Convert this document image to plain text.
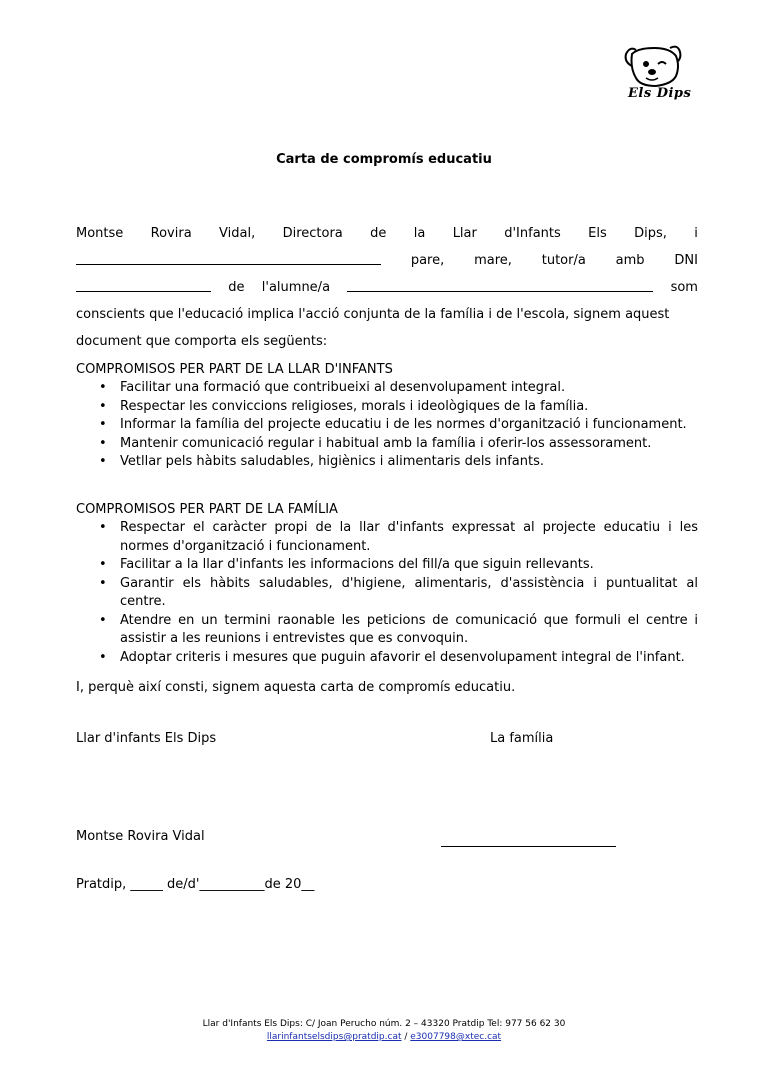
Els Dips
Carta de compromís educatiu
Montse Rovira Vidal, Directora de la Llar d'Infants Els Dips, i
pare, mare, tutor/a amb DNI
de l'alumne/a	som
conscients que l'educació implica l'acció conjunta de la família i de l'escola, signem aquest
document que comporta els següents:
COMPROMISOS PER PART DE LA LLAR D'INFANTS
• Facilitar una formació que contribueixi al desenvolupament integral.
• Respectar les conviccions religioses, morals i ideològiques de la família.
• Informar la família del projecte educatiu i de les normes d'organització i funcionament.
• Mantenir comunicació regular i habitual amb la família i oferir-los assessorament.
• Vetllar pels hàbits saludables, higiènics i alimentaris dels infants.
COMPROMISOS PER PART DE LA FAMÍLIA
• Respectar el caràcter propi de la llar d'infants expressat al projecte educatiu i les normes d'organització i funcionament.
• Facilitar a la llar d'infants les informacions del fill/a que siguin rellevants.
• Garantir els hàbits saludables, d'higiene, alimentaris, d'assistència i puntualitat al centre.
• Atendre en un termini raonable les peticions de comunicació que formuli el centre i assistir a les reunions i entrevistes que es convoquin.
• Adoptar criteris i mesures que puguin afavorir el desenvolupament integral de l'infant.
I, perquè així consti, signem aquesta carta de compromís educatiu.
Llar d'infants Els Dips	La família
Montse Rovira Vidal
Pratdip, _____ de/d'__________de 20__
Llar d'Infants Els Dips: C/ Joan Perucho núm. 2 – 43320 Pratdip Tel: 977 56 62 30
llarinfantselsdips@pratdip.cat / e3007798@xtec.cat
